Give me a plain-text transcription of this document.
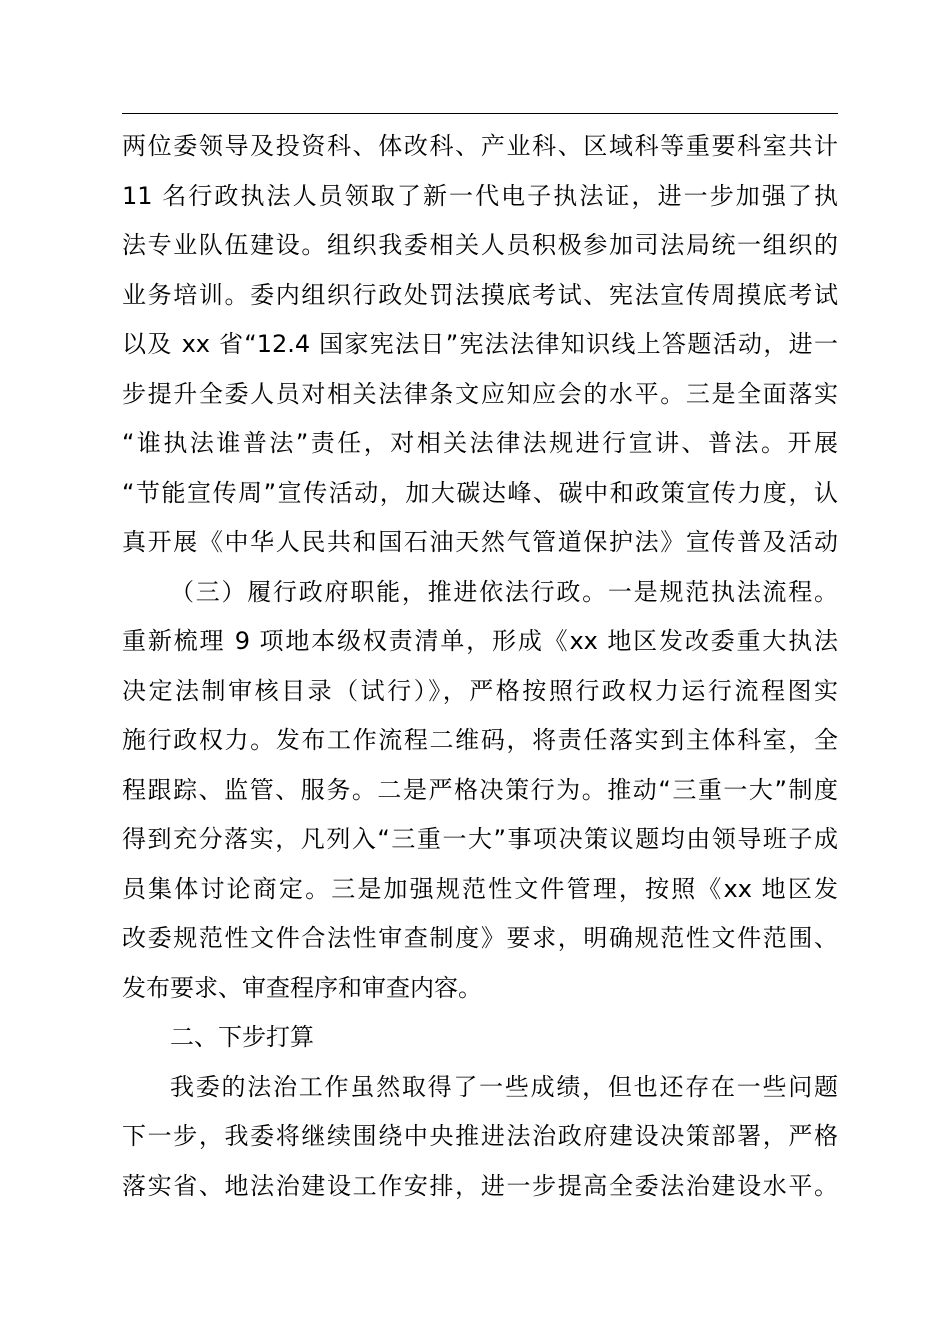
两位委领导及投资科、体改科、产业科、区域科等重要科室共计
11 名行政执法人员领取了新一代电子执法证，进一步加强了执
法专业队伍建设。组织我委相关人员积极参加司法局统一组织的
业务培训。委内组织行政处罚法摸底考试、宪法宣传周摸底考试
以及 xx 省“12.4 国家宪法日”宪法法律知识线上答题活动，进一
步提升全委人员对相关法律条文应知应会的水平。三是全面落实
“谁执法谁普法”责任，对相关法律法规进行宣讲、普法。开展
“节能宣传周”宣传活动，加大碳达峰、碳中和政策宣传力度，认
真开展《中华人民共和国石油天然气管道保护法》宣传普及活动
（三）履行政府职能，推进依法行政。一是规范执法流程。
重新梳理 9 项地本级权责清单，形成《xx 地区发改委重大执法
决定法制审核目录（试行）》，严格按照行政权力运行流程图实
施行政权力。发布工作流程二维码，将责任落实到主体科室，全
程跟踪、监管、服务。二是严格决策行为。推动“三重一大”制度
得到充分落实，凡列入“三重一大”事项决策议题均由领导班子成
员集体讨论商定。三是加强规范性文件管理，按照《xx 地区发
改委规范性文件合法性审查制度》要求，明确规范性文件范围、
发布要求、审查程序和审查内容。
二、下步打算
我委的法治工作虽然取得了一些成绩，但也还存在一些问题
下一步，我委将继续围绕中央推进法治政府建设决策部署，严格
落实省、地法治建设工作安排，进一步提高全委法治建设水平。
